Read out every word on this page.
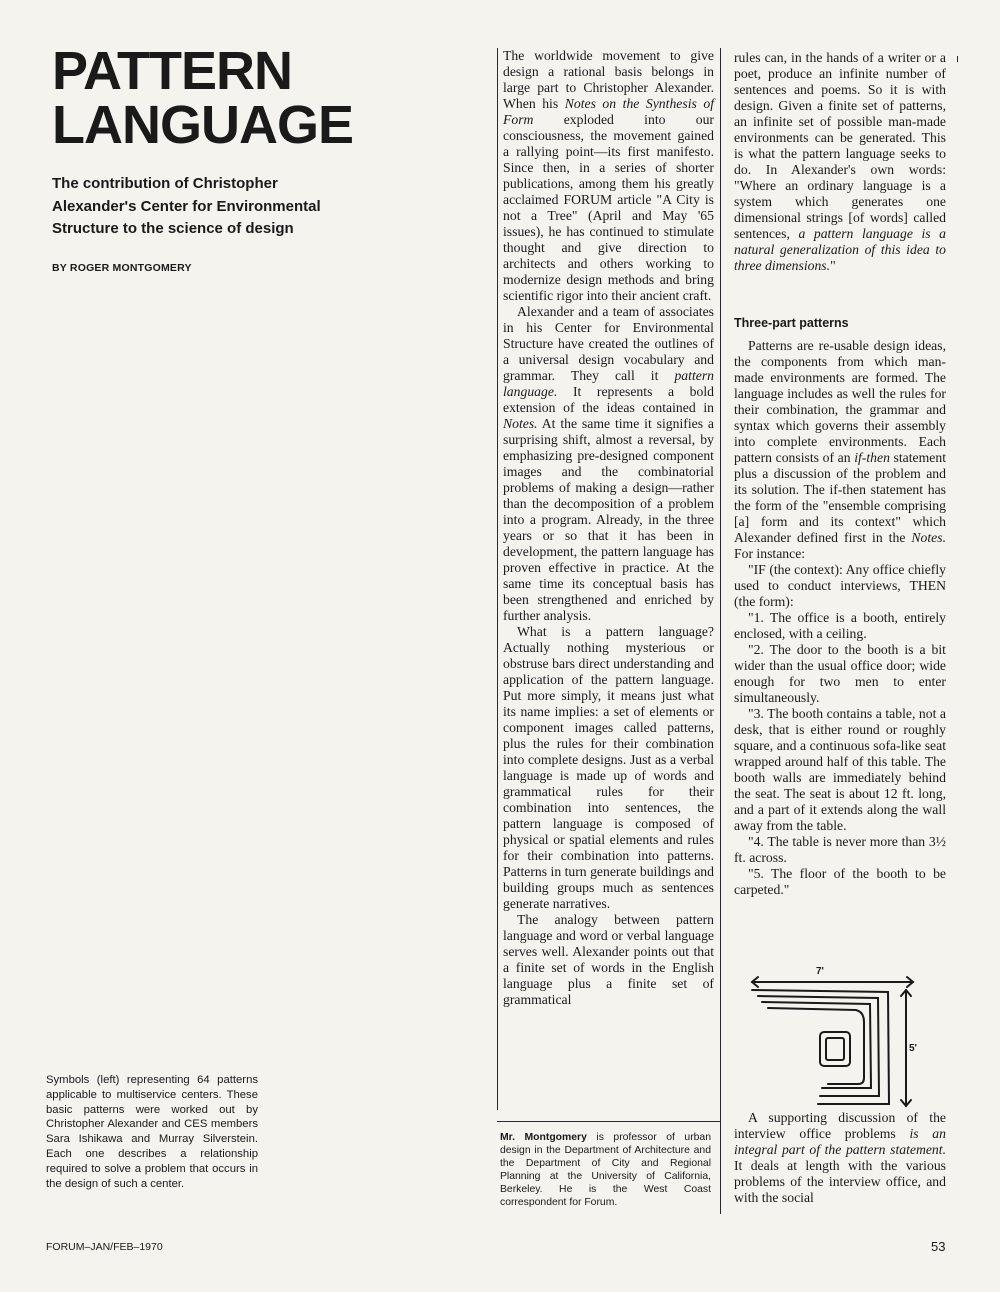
PATTERN
LANGUAGE

The contribution of Christopher Alexander's Center for Environmental Structure to the science of design

BY ROGER MONTGOMERY

Symbols (left) representing 64 patterns applicable to multiservice centers. These basic patterns were worked out by Christopher Alexander and CES members Sara Ishikawa and Murray Silverstein. Each one describes a relationship required to solve a problem that occurs in the design of such a center.

The worldwide movement to give design a rational basis belongs in large part to Christopher Alexander. When his Notes on the Synthesis of Form exploded into our consciousness, the movement gained a rallying point—its first manifesto. Since then, in a series of shorter publications, among them his greatly acclaimed FORUM article "A City is not a Tree" (April and May '65 issues), he has continued to stimulate thought and give direction to architects and others working to modernize design methods and bring scientific rigor into their ancient craft.

Alexander and a team of associates in his Center for Environmental Structure have created the outlines of a universal design vocabulary and grammar. They call it pattern language. It represents a bold extension of the ideas contained in Notes. At the same time it signifies a surprising shift, almost a reversal, by emphasizing pre-designed component images and the combinatorial problems of making a design—rather than the decomposition of a problem into a program. Already, in the three years or so that it has been in development, the pattern language has proven effective in practice. At the same time its conceptual basis has been strengthened and enriched by further analysis.

What is a pattern language? Actually nothing mysterious or obstruse bars direct understanding and application of the pattern language. Put more simply, it means just what its name implies: a set of elements or component images called patterns, plus the rules for their combination into complete designs. Just as a verbal language is made up of words and grammatical rules for their combination into sentences, the pattern language is composed of physical or spatial elements and rules for their combination into patterns. Patterns in turn generate buildings and building groups much as sentences generate narratives.

The analogy between pattern language and word or verbal language serves well. Alexander points out that a finite set of words in the English language plus a finite set of grammatical

rules can, in the hands of a writer or a poet, produce an infinite number of sentences and poems. So it is with design. Given a finite set of patterns, an infinite set of possible man-made environments can be generated. This is what the pattern language seeks to do. In Alexander's own words: "Where an ordinary language is a system which generates one dimensional strings [of words] called sentences, a pattern language is a natural generalization of this idea to three dimensions."

Three-part patterns

Patterns are re-usable design ideas, the components from which man-made environments are formed. The language includes as well the rules for their combination, the grammar and syntax which governs their assembly into complete environments. Each pattern consists of an if-then statement plus a discussion of the problem and its solution. The if-then statement has the form of the "ensemble comprising [a] form and its context" which Alexander defined first in the Notes. For instance:

"IF (the context): Any office chiefly used to conduct interviews, THEN (the form):

"1. The office is a booth, entirely enclosed, with a ceiling.

"2. The door to the booth is a bit wider than the usual office door; wide enough for two men to enter simultaneously.

"3. The booth contains a table, not a desk, that is either round or roughly square, and a continuous sofa-like seat wrapped around half of this table. The booth walls are immediately behind the seat. The seat is about 12 ft. long, and a part of it extends along the wall away from the table.

"4. The table is never more than 3½ ft. across.

"5. The floor of the booth to be carpeted."

7'
5'

A supporting discussion of the interview office problems is an integral part of the pattern statement. It deals at length with the various problems of the interview office, and with the social

Mr. Montgomery is professor of urban design in the Department of Architecture and the Department of City and Regional Planning at the University of California, Berkeley. He is the West Coast correspondent for Forum.

FORUM–JAN/FEB–1970	53
